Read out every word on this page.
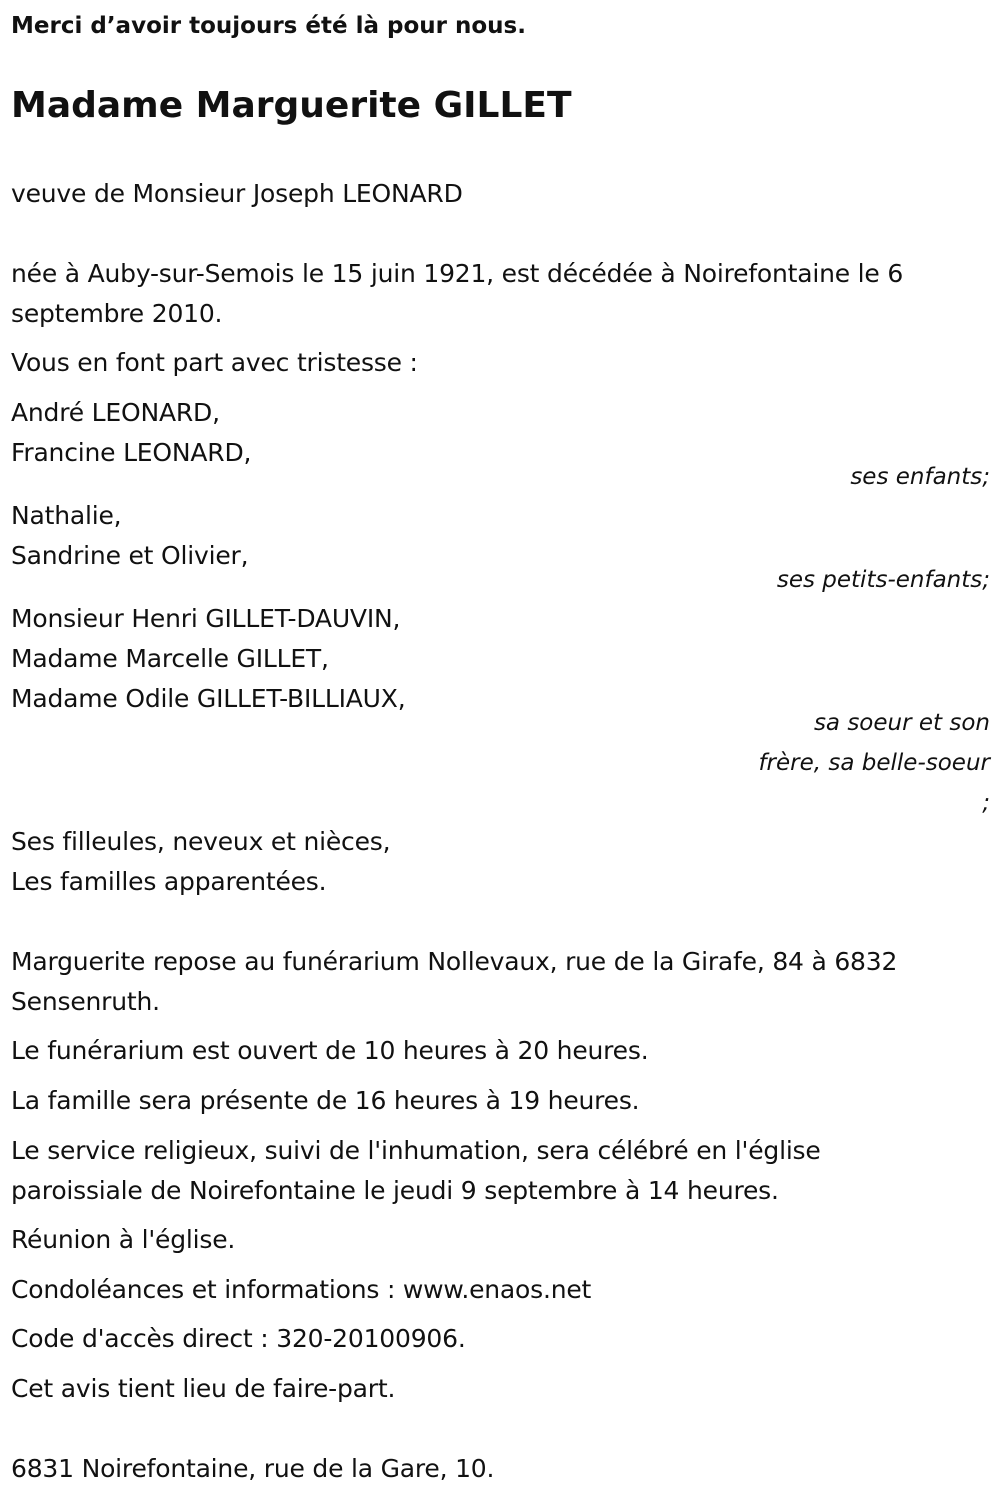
Merci d’avoir toujours été là pour nous.
Madame Marguerite GILLET
veuve de Monsieur Joseph LEONARD
née à Auby-sur-Semois le 15 juin 1921, est décédée à Noirefontaine le 6
septembre 2010.
Vous en font part avec tristesse :
André LEONARD,
Francine LEONARD,
ses enfants;
Nathalie,
Sandrine et Olivier,
ses petits-enfants;
Monsieur Henri GILLET-DAUVIN,
Madame Marcelle GILLET,
Madame Odile GILLET-BILLIAUX,
sa soeur et son
frère, sa belle-soeur
;
Ses filleules, neveux et nièces,
Les familles apparentées.
Marguerite repose au funérarium Nollevaux, rue de la Girafe, 84 à 6832
Sensenruth.
Le funérarium est ouvert de 10 heures à 20 heures.
La famille sera présente de 16 heures à 19 heures.
Le service religieux, suivi de l'inhumation, sera célébré en l'église
paroissiale de Noirefontaine le jeudi 9 septembre à 14 heures.
Réunion à l'église.
Condoléances et informations : www.enaos.net
Code d'accès direct : 320-20100906.
Cet avis tient lieu de faire-part.
6831 Noirefontaine, rue de la Gare, 10.
